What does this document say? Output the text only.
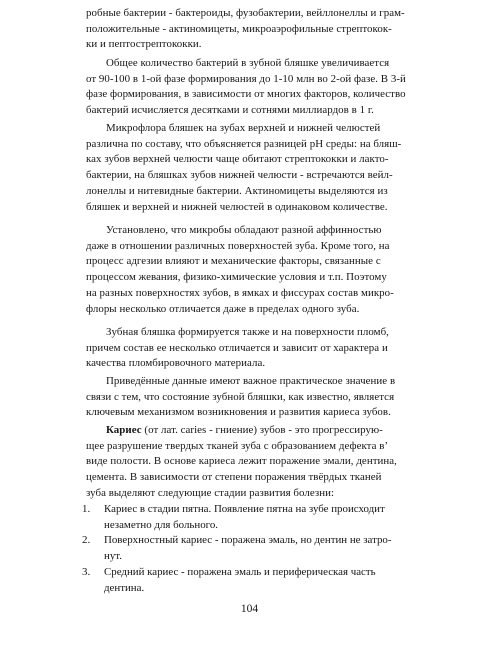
робные бактерии - бактероиды, фузобактерии, вейллонеллы и грам-
положительные - актиномицеты, микроаэрофильные стрептокок-
ки и пептострептококки.
Общее количество бактерий в зубной бляшке увеличивается
от 90-100 в 1-ой фазе формирования до 1-10 млн во 2-ой фазе. В 3-й
фазе формирования, в зависимости от многих факторов, количество
бактерий исчисляется десятками и сотнями миллиардов в 1 г.
Микрофлора бляшек на зубах верхней и нижней челюстей
различна по составу, что объясняется разницей pH среды: на бляш-
ках зубов верхней челюсти чаще обитают стрептококки и лакто-
бактерии, на бляшках зубов нижней челюсти - встречаются вейл-
лонеллы и нитевидные бактерии. Актиномицеты выделяются из
бляшек и верхней и нижней челюстей в одинаковом количестве.
Установлено, что микробы обладают разной аффинностью
даже в отношении различных поверхностей зуба. Кроме того, на
процесс адгезии влияют и механические факторы, связанные с
процессом жевания, физико-химические условия и т.п. Поэтому
на разных поверхностях зубов, в ямках и фиссурах состав микро-
флоры несколько отличается даже в пределах одного зуба.
Зубная бляшка формируется также и на поверхности пломб,
причем состав ее несколько отличается и зависит от характера и
качества пломбировочного материала.
Приведённые данные имеют важное практическое значение в
связи с тем, что состояние зубной бляшки, как известно, является
ключевым механизмом возникновения и развития кариеса зубов.
Кариес (от лат. caries - гниение) зубов - это прогрессирую-
щее разрушение твердых тканей зуба с образованием дефекта в’
виде полости. В основе кариеса лежит поражение эмали, дентина,
цемента. В зависимости от степени поражения твёрдых тканей
зуба выделяют следующие стадии развития болезни:
1. Кариес в стадии пятна. Появление пятна на зубе происходит
незаметно для больного.
2. Поверхностный кариес - поражена эмаль, но дентин не затро-
нут.
3. Средний кариес - поражена эмаль и периферическая часть
дентина.
104
